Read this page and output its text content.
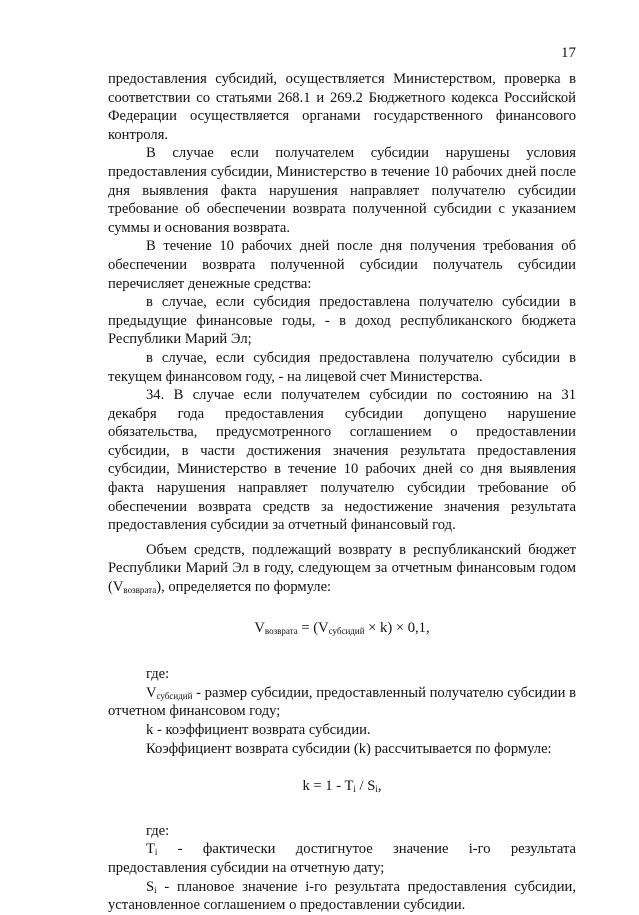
17

предоставления субсидий, осуществляется Министерством, проверка в соответствии со статьями 268.1 и 269.2 Бюджетного кодекса Российской Федерации осуществляется органами государственного финансового контроля.

В случае если получателем субсидии нарушены условия предоставления субсидии, Министерство в течение 10 рабочих дней после дня выявления факта нарушения направляет получателю субсидии требование об обеспечении возврата полученной субсидии с указанием суммы и основания возврата.

В течение 10 рабочих дней после дня получения требования об обеспечении возврата полученной субсидии получатель субсидии перечисляет денежные средства:

в случае, если субсидия предоставлена получателю субсидии в предыдущие финансовые годы, - в доход республиканского бюджета Республики Марий Эл;

в случае, если субсидия предоставлена получателю субсидии в текущем финансовом году, - на лицевой счет Министерства.

34. В случае если получателем субсидии по состоянию на 31 декабря года предоставления субсидии допущено нарушение обязательства, предусмотренного соглашением о предоставлении субсидии, в части достижения значения результата предоставления субсидии, Министерство в течение 10 рабочих дней со дня выявления факта нарушения направляет получателю субсидии требование об обеспечении возврата средств за недостижение значения результата предоставления субсидии за отчетный финансовый год.

Объем средств, подлежащий возврату в республиканский бюджет Республики Марий Эл в году, следующем за отчетным финансовым годом $(V_{возврата})$, определяется по формуле:

$V_{возврата} = (V_{субсидий} \times k) \times 0,1$,

где:

$V_{субсидий}$ - размер субсидии, предоставленный получателю субсидии в отчетном финансовом году;

k - коэффициент возврата субсидии.

Коэффициент возврата субсидии (k) рассчитывается по формуле:

$k = 1 - T_i / S_i$,

где:

$T_i$ - фактически достигнутое значение i-го результата предоставления субсидии на отчетную дату;

$S_i$ - плановое значение i-го результата предоставления субсидии, установленное соглашением о предоставлении субсидии.
